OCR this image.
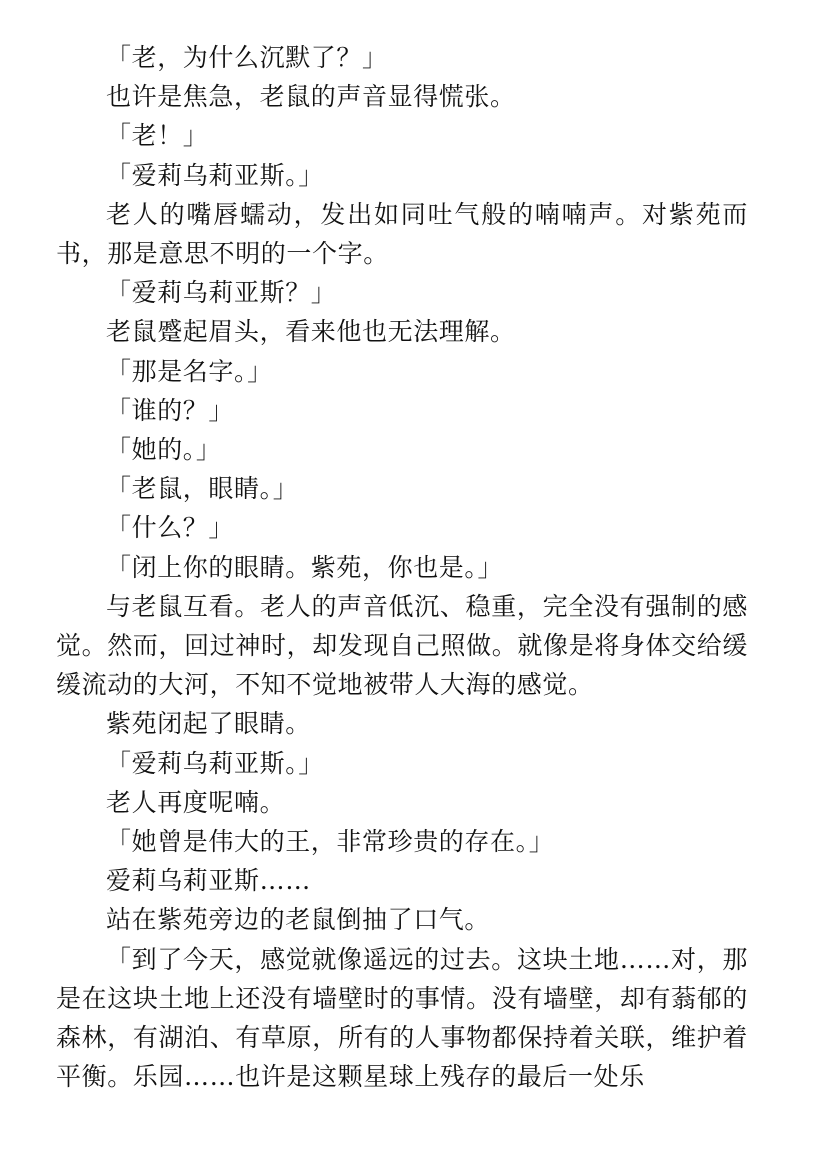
「老，为什么沉默了？」

也许是焦急，老鼠的声音显得慌张。

「老！」

「爱莉乌莉亚斯。」

老人的嘴唇蠕动，发出如同吐气般的喃喃声。对紫苑而书，那是意思不明的一个字。

「爱莉乌莉亚斯？」

老鼠蹙起眉头，看来他也无法理解。

「那是名字。」

「谁的？」

「她的。」

「老鼠，眼睛。」

「什么？」

「闭上你的眼睛。紫苑，你也是。」

与老鼠互看。老人的声音低沉、稳重，完全没有强制的感觉。然而，回过神时，却发现自己照做。就像是将身体交给缓缓流动的大河，不知不觉地被带人大海的感觉。

紫苑闭起了眼睛。

「爱莉乌莉亚斯。」

老人再度呢喃。

「她曾是伟大的王，非常珍贵的存在。」

爱莉乌莉亚斯……

站在紫苑旁边的老鼠倒抽了口气。

「到了今天，感觉就像遥远的过去。这块土地……对，那是在这块土地上还没有墙壁时的事情。没有墙壁，却有蓊郁的森林，有湖泊、有草原，所有的人事物都保持着关联，维护着平衡。乐园……也许是这颗星球上残存的最后一处乐
